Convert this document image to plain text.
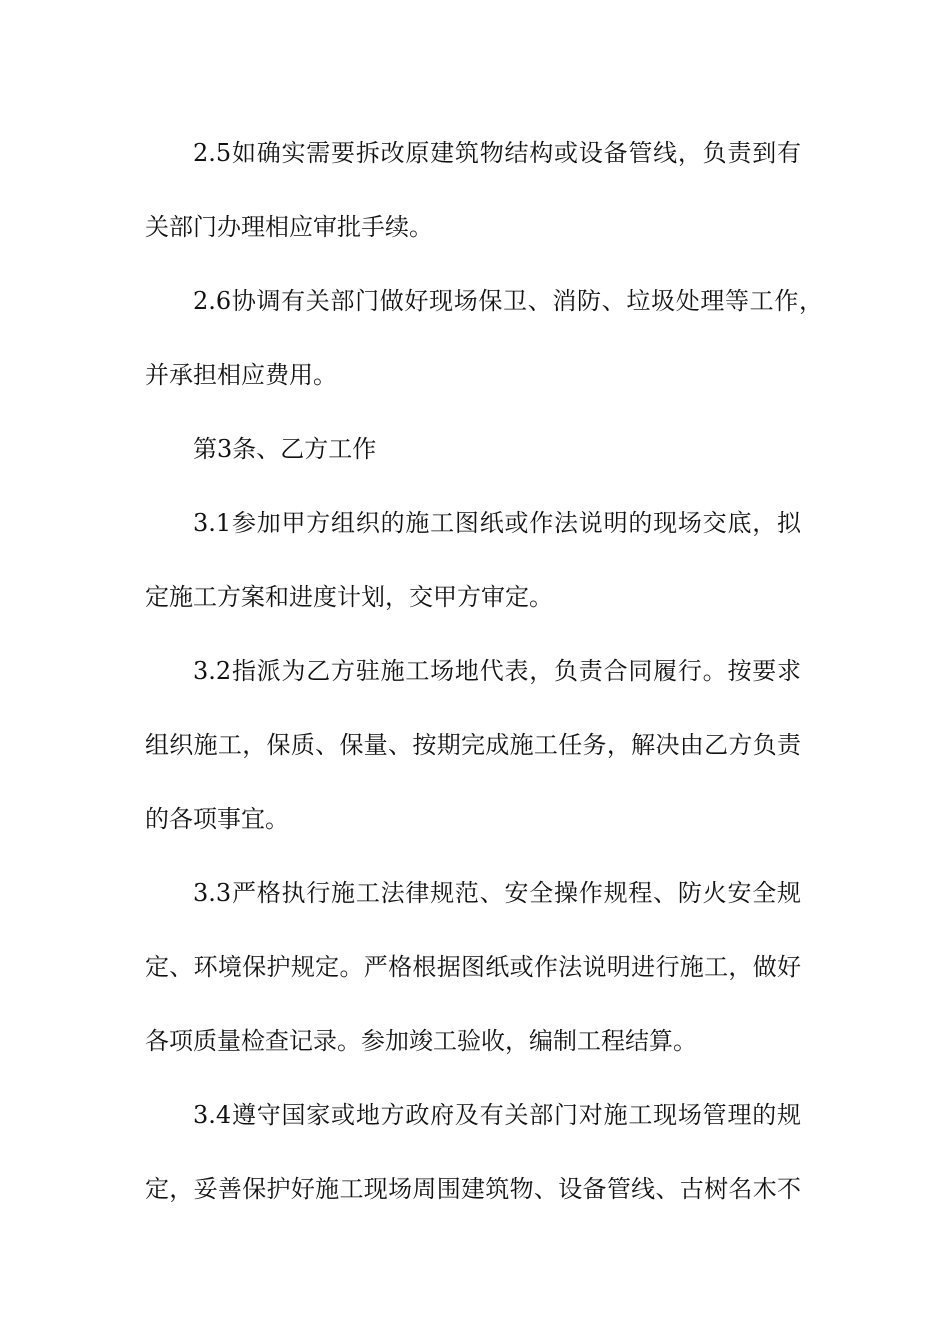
2.5如确实需要拆改原建筑物结构或设备管线，负责到有
关部门办理相应审批手续。
2.6协调有关部门做好现场保卫、消防、垃圾处理等工作，
并承担相应费用。
第3条、乙方工作
3.1参加甲方组织的施工图纸或作法说明的现场交底，拟
定施工方案和进度计划，交甲方审定。
3.2指派为乙方驻施工场地代表，负责合同履行。按要求
组织施工，保质、保量、按期完成施工任务，解决由乙方负责
的各项事宜。
3.3严格执行施工法律规范、安全操作规程、防火安全规
定、环境保护规定。严格根据图纸或作法说明进行施工，做好
各项质量检查记录。参加竣工验收，编制工程结算。
3.4遵守国家或地方政府及有关部门对施工现场管理的规
定，妥善保护好施工现场周围建筑物、设备管线、古树名木不
